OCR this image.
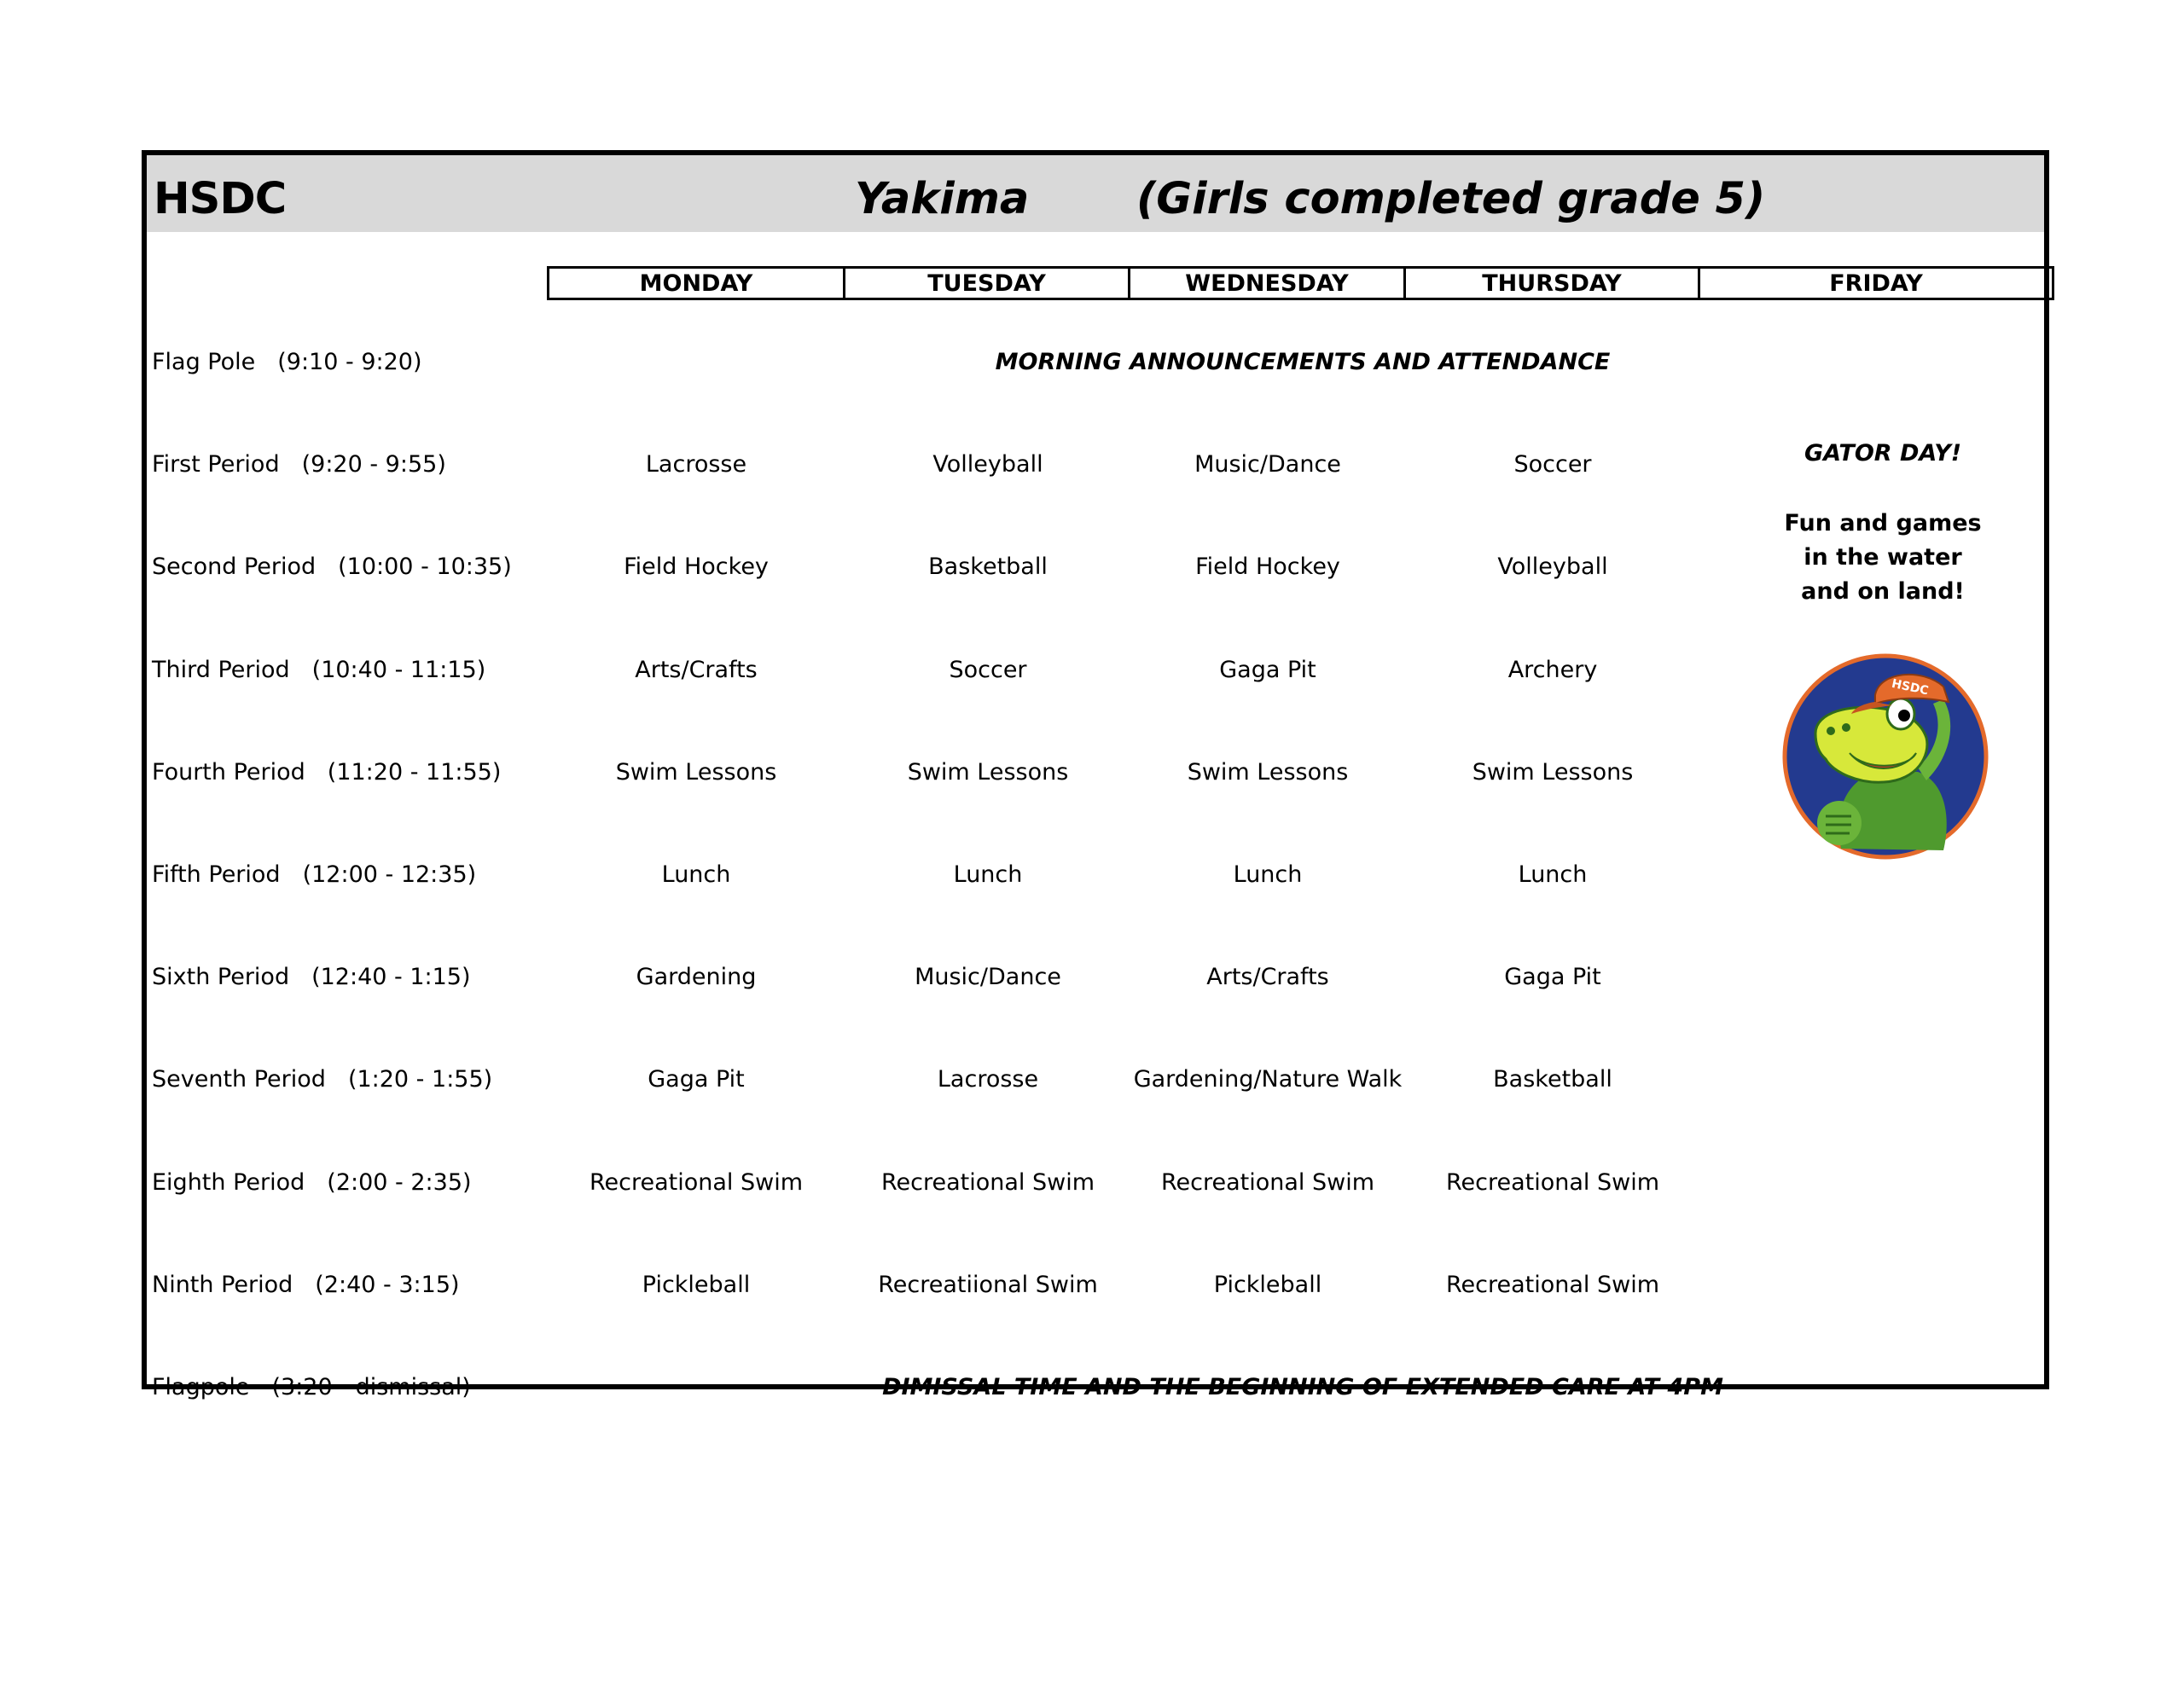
HSDC	Yakima (Girls completed grade 5)
MONDAY	TUESDAY	WEDNESDAY	THURSDAY	FRIDAY
Flag Pole (9:10 - 9:20)	MORNING ANNOUNCEMENTS AND ATTENDANCE
First Period (9:20 - 9:55)	Lacrosse	Volleyball	Music/Dance	Soccer
Second Period (10:00 - 10:35)	Field Hockey	Basketball	Field Hockey	Volleyball
Third Period (10:40 - 11:15)	Arts/Crafts	Soccer	Gaga Pit	Archery
Fourth Period (11:20 - 11:55)	Swim Lessons	Swim Lessons	Swim Lessons	Swim Lessons
Fifth Period (12:00 - 12:35)	Lunch	Lunch	Lunch	Lunch
Sixth Period (12:40 - 1:15)	Gardening	Music/Dance	Arts/Crafts	Gaga Pit
Seventh Period (1:20 - 1:55)	Gaga Pit	Lacrosse	Gardening/Nature Walk	Basketball
Eighth Period (2:00 - 2:35)	Recreational Swim	Recreational Swim	Recreational Swim	Recreational Swim
Ninth Period (2:40 - 3:15)	Pickleball	Recreatiional Swim	Pickleball	Recreational Swim
Flagpole (3:20 - dismissal)	DIMISSAL TIME AND THE BEGINNING OF EXTENDED CARE AT 4PM
GATOR DAY!
Fun and games
in the water
and on land!
HSDC
